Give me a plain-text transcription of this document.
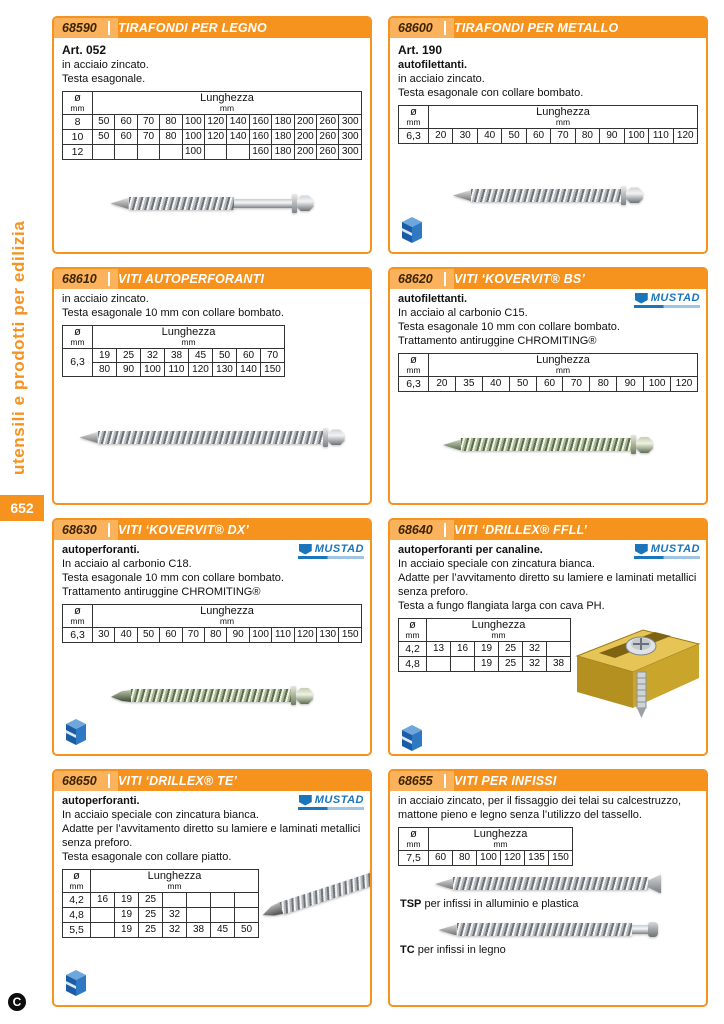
utensili e prodotti per edilizia
652
C
68590	TIRAFONDI PER LEGNO

Art. 052

in acciaio zincato.

Testa esagonale.

ø
mm	Lunghezza
mm											

8	50	60	70	80	100	120	140	160	180	200	260	300
10	50	60	70	80	100	120	140	160	180	200	260	300
12					100			160	180	200	260	300
68600	TIRAFONDI PER METALLO

Art. 190

autofilettanti.

in acciaio zincato.

Testa esagonale con collare bombato.

ø
mm	Lunghezza
mm										

6,3	20	30	40	50	60	70	80	90	100	110	120
68610	VITI AUTOPERFORANTI

in acciaio zincato.

Testa esagonale 10 mm con collare bombato.

ø
mm	Lunghezza
mm							

6,3	19	25	32	38	45	50	60	70
	80	90	100	110	120	130	140	150
68620	VITI ‘KOVERVIT® BS’
MUSTAD

autofilettanti.

In acciaio al carbonio C15.

Testa esagonale 10 mm con collare bombato.

Trattamento antiruggine CHROMITING®

ø
mm	Lunghezza
mm									

6,3	20	35	40	50	60	70	80	90	100	120
68630	VITI ‘KOVERVIT® DX’
MUSTAD

autoperforanti.

In acciaio al carbonio C18.

Testa esagonale 10 mm con collare bombato.

Trattamento antiruggine CHROMITING®

ø
mm	Lunghezza
mm											

6,3	30	40	50	60	70	80	90	100	110	120	130	150
68640	VITI ‘DRILLEX® FFLL’
MUSTAD

autoperforanti per canaline.

In acciaio speciale con zincatura bianca.

Adatte per l’avvitamento diretto su lamiere e laminati metallici senza preforo.

Testa a fungo flangiata larga con cava PH.

ø
mm	Lunghezza
mm					

4,2	13	16	19	25	32	
4,8			19	25	32	38
68650	VITI ‘DRILLEX® TE’
MUSTAD

autoperforanti.

In acciaio speciale con zincatura bianca.

Adatte per l’avvitamento diretto su lamiere e laminati metallici senza preforo.

Testa esagonale con collare piatto.

ø
mm	Lunghezza
mm						

4,2	16	19	25				
4,8		19	25	32			
5,5		19	25	32	38	45	50
68655	VITI PER INFISSI

in acciaio zincato, per il fissaggio dei telai su calcestruzzo, mattone pieno e legno senza l’utilizzo del tassello.

ø
mm	Lunghezza
mm					

7,5	60	80	100	120	135	150

TSP per infissi in alluminio e plastica

TC per infissi in legno
